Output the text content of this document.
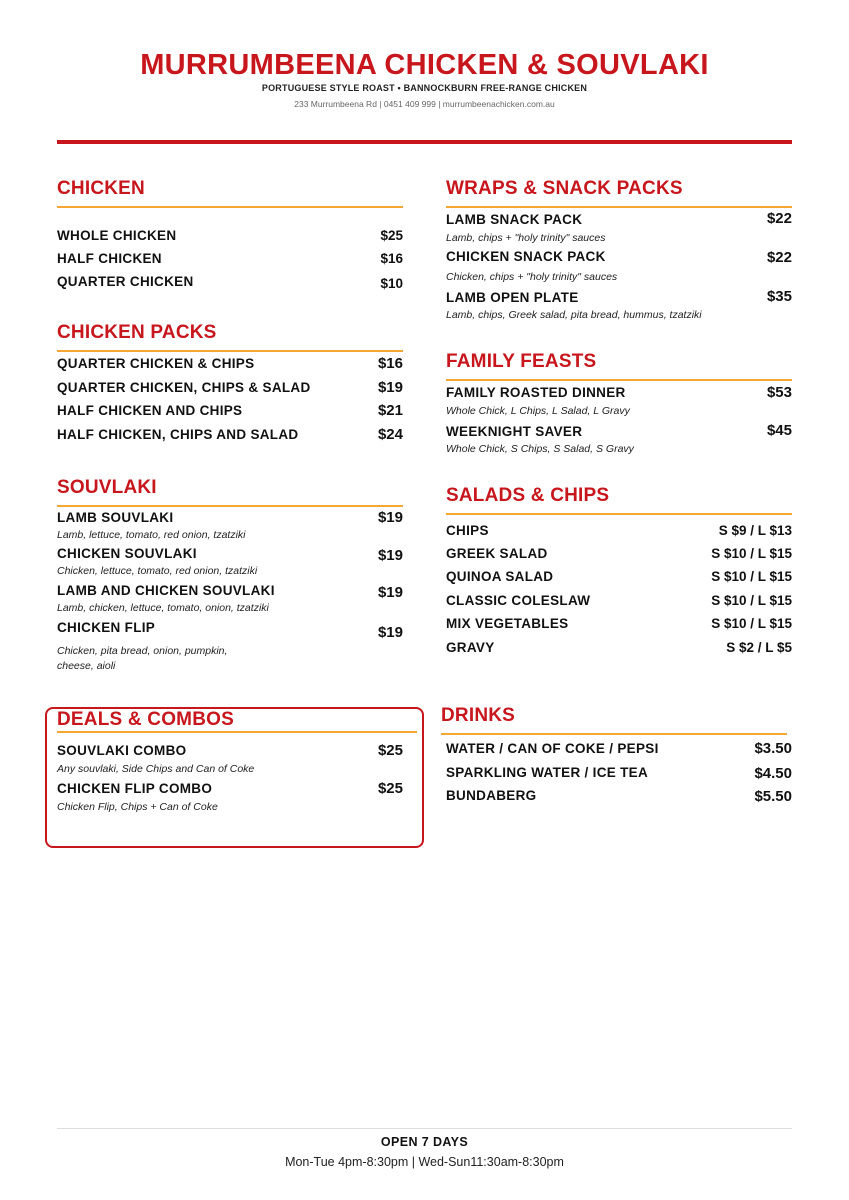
MURRUMBEENA CHICKEN & SOUVLAKI
PORTUGUESE STYLE ROAST • BANNOCKBURN FREE-RANGE CHICKEN
233 Murrumbeena Rd | 0451 409 999 | murrumbeenachicken.com.au
CHICKEN
WHOLE CHICKEN	$25
HALF CHICKEN	$16
QUARTER CHICKEN	$10
CHICKEN PACKS
QUARTER CHICKEN & CHIPS	$16
QUARTER CHICKEN, CHIPS & SALAD	$19
HALF CHICKEN AND CHIPS	$21
HALF CHICKEN, CHIPS AND SALAD	$24
SOUVLAKI
LAMB SOUVLAKI	$19
Lamb, lettuce, tomato, red onion, tzatziki
CHICKEN SOUVLAKI	$19
Chicken, lettuce, tomato, red onion, tzatziki
LAMB AND CHICKEN SOUVLAKI	$19
Lamb, chicken, lettuce, tomato, onion, tzatziki
CHICKEN FLIP	$19
Chicken, pita bread, onion, pumpkin,
cheese, aioli
DEALS & COMBOS
SOUVLAKI COMBO	$25
Any souvlaki, Side Chips and Can of Coke
CHICKEN FLIP COMBO	$25
Chicken Flip, Chips + Can of Coke
WRAPS & SNACK PACKS
LAMB SNACK PACK	$22
Lamb, chips + "holy trinity" sauces
CHICKEN SNACK PACK	$22
Chicken, chips + "holy trinity" sauces
LAMB OPEN PLATE	$35
Lamb, chips, Greek salad, pita bread, hummus, tzatziki
FAMILY FEASTS
FAMILY ROASTED DINNER	$53
Whole Chick, L Chips, L Salad, L Gravy
WEEKNIGHT SAVER	$45
Whole Chick, S Chips, S Salad, S Gravy
SALADS & CHIPS
CHIPS	S $9 / L $13
GREEK SALAD	S $10 / L $15
QUINOA SALAD	S $10 / L $15
CLASSIC COLESLAW	S $10 / L $15
MIX VEGETABLES	S $10 / L $15
GRAVY	S $2 / L $5
DRINKS
WATER / CAN OF COKE / PEPSI	$3.50
SPARKLING WATER / ICE TEA	$4.50
BUNDABERG	$5.50
OPEN 7 DAYS
Mon-Tue 4pm-8:30pm | Wed-Sun11:30am-8:30pm
